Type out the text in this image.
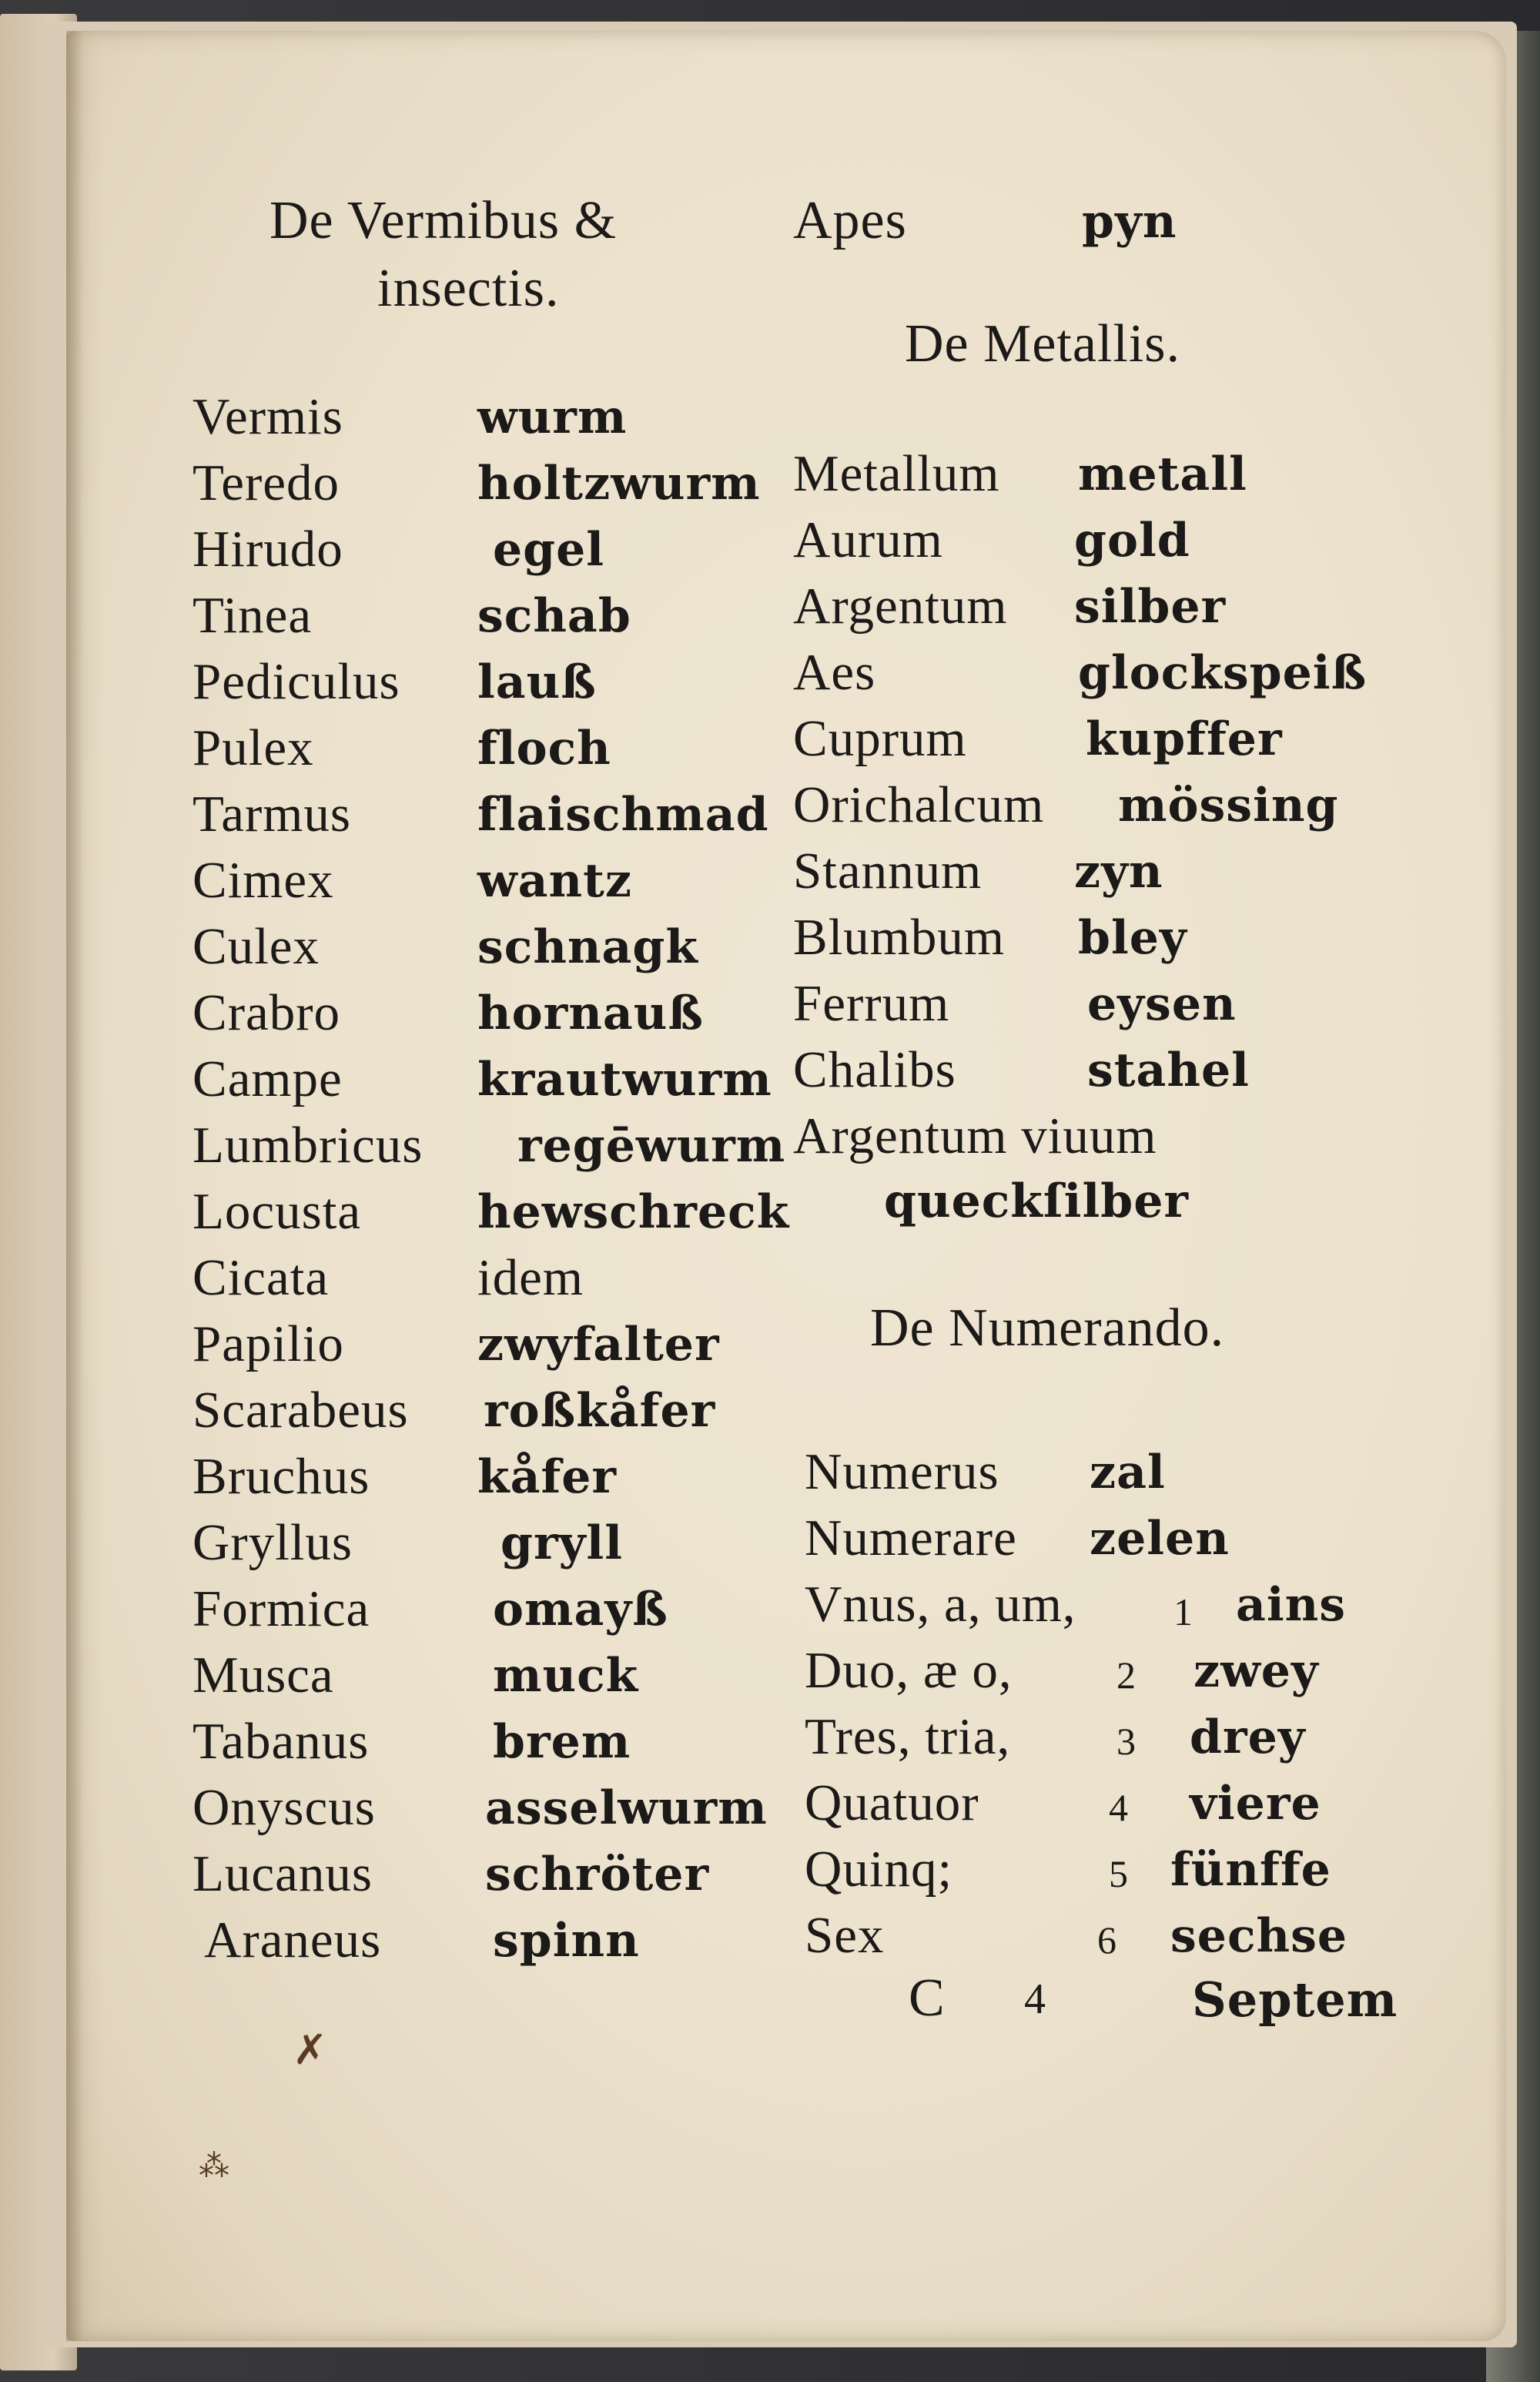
De Vermibus &
insectis.
Vermis	wurm
Teredo	holtzwurm
Hirudo	egel
Tinea	schab
Pediculus lauß
Pulex	floch
Tarmus	flaischmad
Cimex	wantz
Culex	schnagk
Crabro	hornauß
Campe	krautwurm
Lumbricus regēwurm
Locusta	hewschreck
Cicata	idem
Papilio	zwyfalter
Scarabeus roßkåfer
Bruchus kåfer
Gryllus	gryll
Formica	omayß
Musca	muck
Tabanus	brem
Onyscus asselwurm
Lucanus schröter
Araneus spinn
Apes	pyn
De Metallis.
Metallum metall
Aurum	gold
Argentum silber
Aes	glockspeiß
Cuprum	kupffer
Orichalcum mössing
Stannum zyn
Blumbum bley
Ferrum	eysen
Chalibs	stahel
Argentum viuum
queckſilber
De Numerando.
Numerus zal
Numerare zelen
Vnus, a, um,	1 ains
Duo, æ o,	2 zwey
Tres, tria,	3 drey
Quatuor	4 viere
Quinq;	5 fünffe
Sex	6 sechse
C 4	Septem
✗
⁂
